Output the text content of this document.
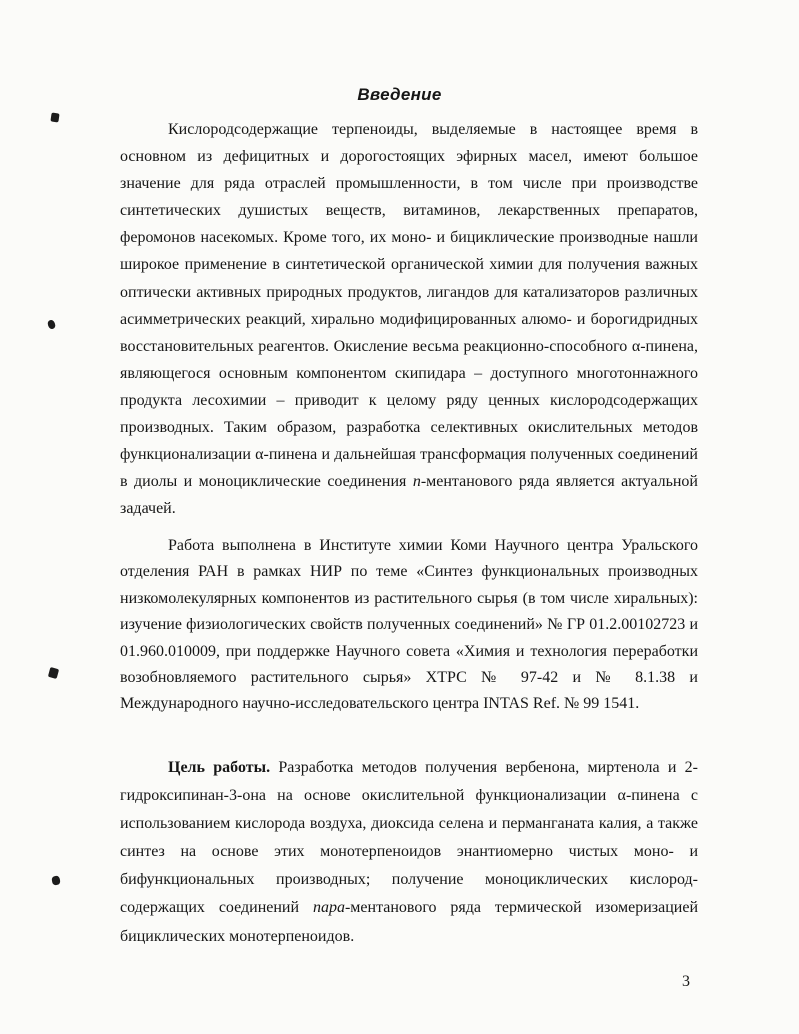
Введение

Кислородсодержащие терпеноиды, выделяемые в настоящее время в основном из дефицитных и дорогостоящих эфирных масел, имеют большое значение для ряда отраслей промышленности, в том числе при производстве синтетических душистых веществ, витаминов, лекарственных препаратов, феромонов насекомых. Кроме того, их моно- и бициклические производные нашли широкое применение в синтетической органической химии для получения важных оптически активных природных продуктов, лигандов для катализаторов различных асимметрических реакций, хирально модифицированных алюмо- и борогидридных восстановительных реагентов. Окисление весьма реакционно-способного α-пинена, являющегося основным компонентом скипидара – доступного многотоннажного продукта лесохимии – приводит к целому ряду ценных кислородсодержащих производных. Таким образом, разработка селективных окислительных методов функционализации α-пинена и дальнейшая трансформация полученных соединений в диолы и моноциклические соединения п-ментанового ряда является актуальной задачей.

Работа выполнена в Институте химии Коми Научного центра Уральского отделения РАН в рамках НИР по теме «Синтез функциональных производных низкомолекулярных компонентов из растительного сырья (в том числе хиральных): изучение физиологических свойств полученных соединений» № ГР 01.2.00102723 и 01.960.010009, при поддержке Научного совета «Химия и технология переработки возобновляемого растительного сырья» ХТРС № 97-42 и № 8.1.38 и Международного научно-исследовательского центра INTAS Ref. № 99 1541.

Цель работы. Разработка методов получения вербенона, миртенола и 2-гидроксипинан-3-она на основе окислительной функционализации α-пинена с использованием кислорода воздуха, диоксида селена и перманганата калия, а также синтез на основе этих монотерпеноидов энантиомерно чистых моно- и бифункциональных производных; получение моноциклических кислород-содержащих соединений пара-ментанового ряда термической изомеризацией бициклических монотерпеноидов.

3
